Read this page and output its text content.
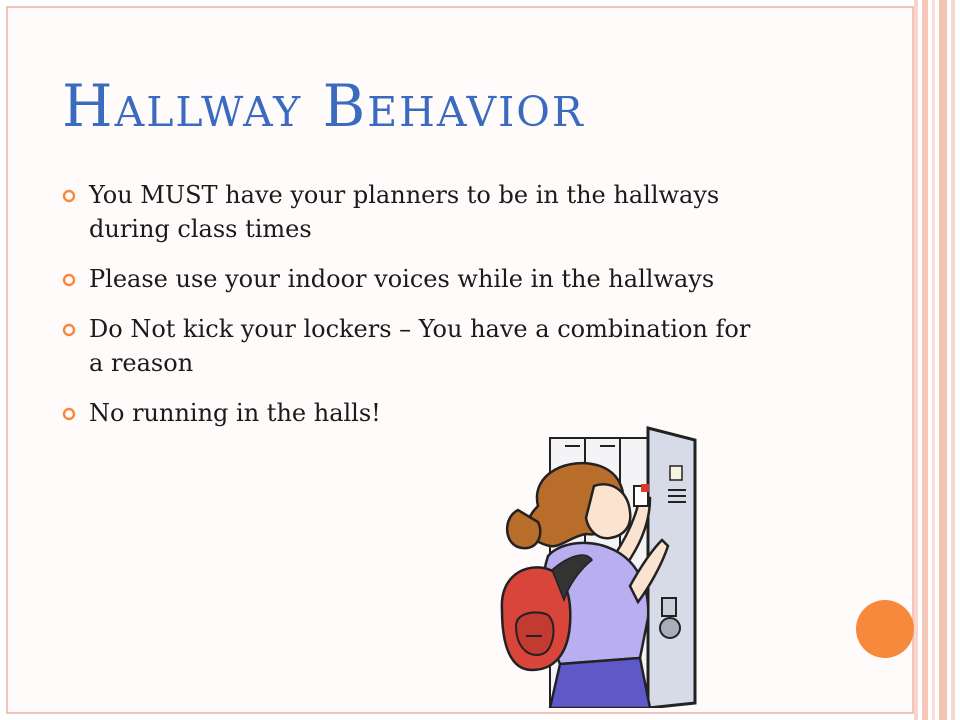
Hallway Behavior
You MUST have your planners to be in the hallways during class times
Please use your indoor voices while in the hallways
Do Not kick your lockers – You have a combination for a reason
No running in the halls!
